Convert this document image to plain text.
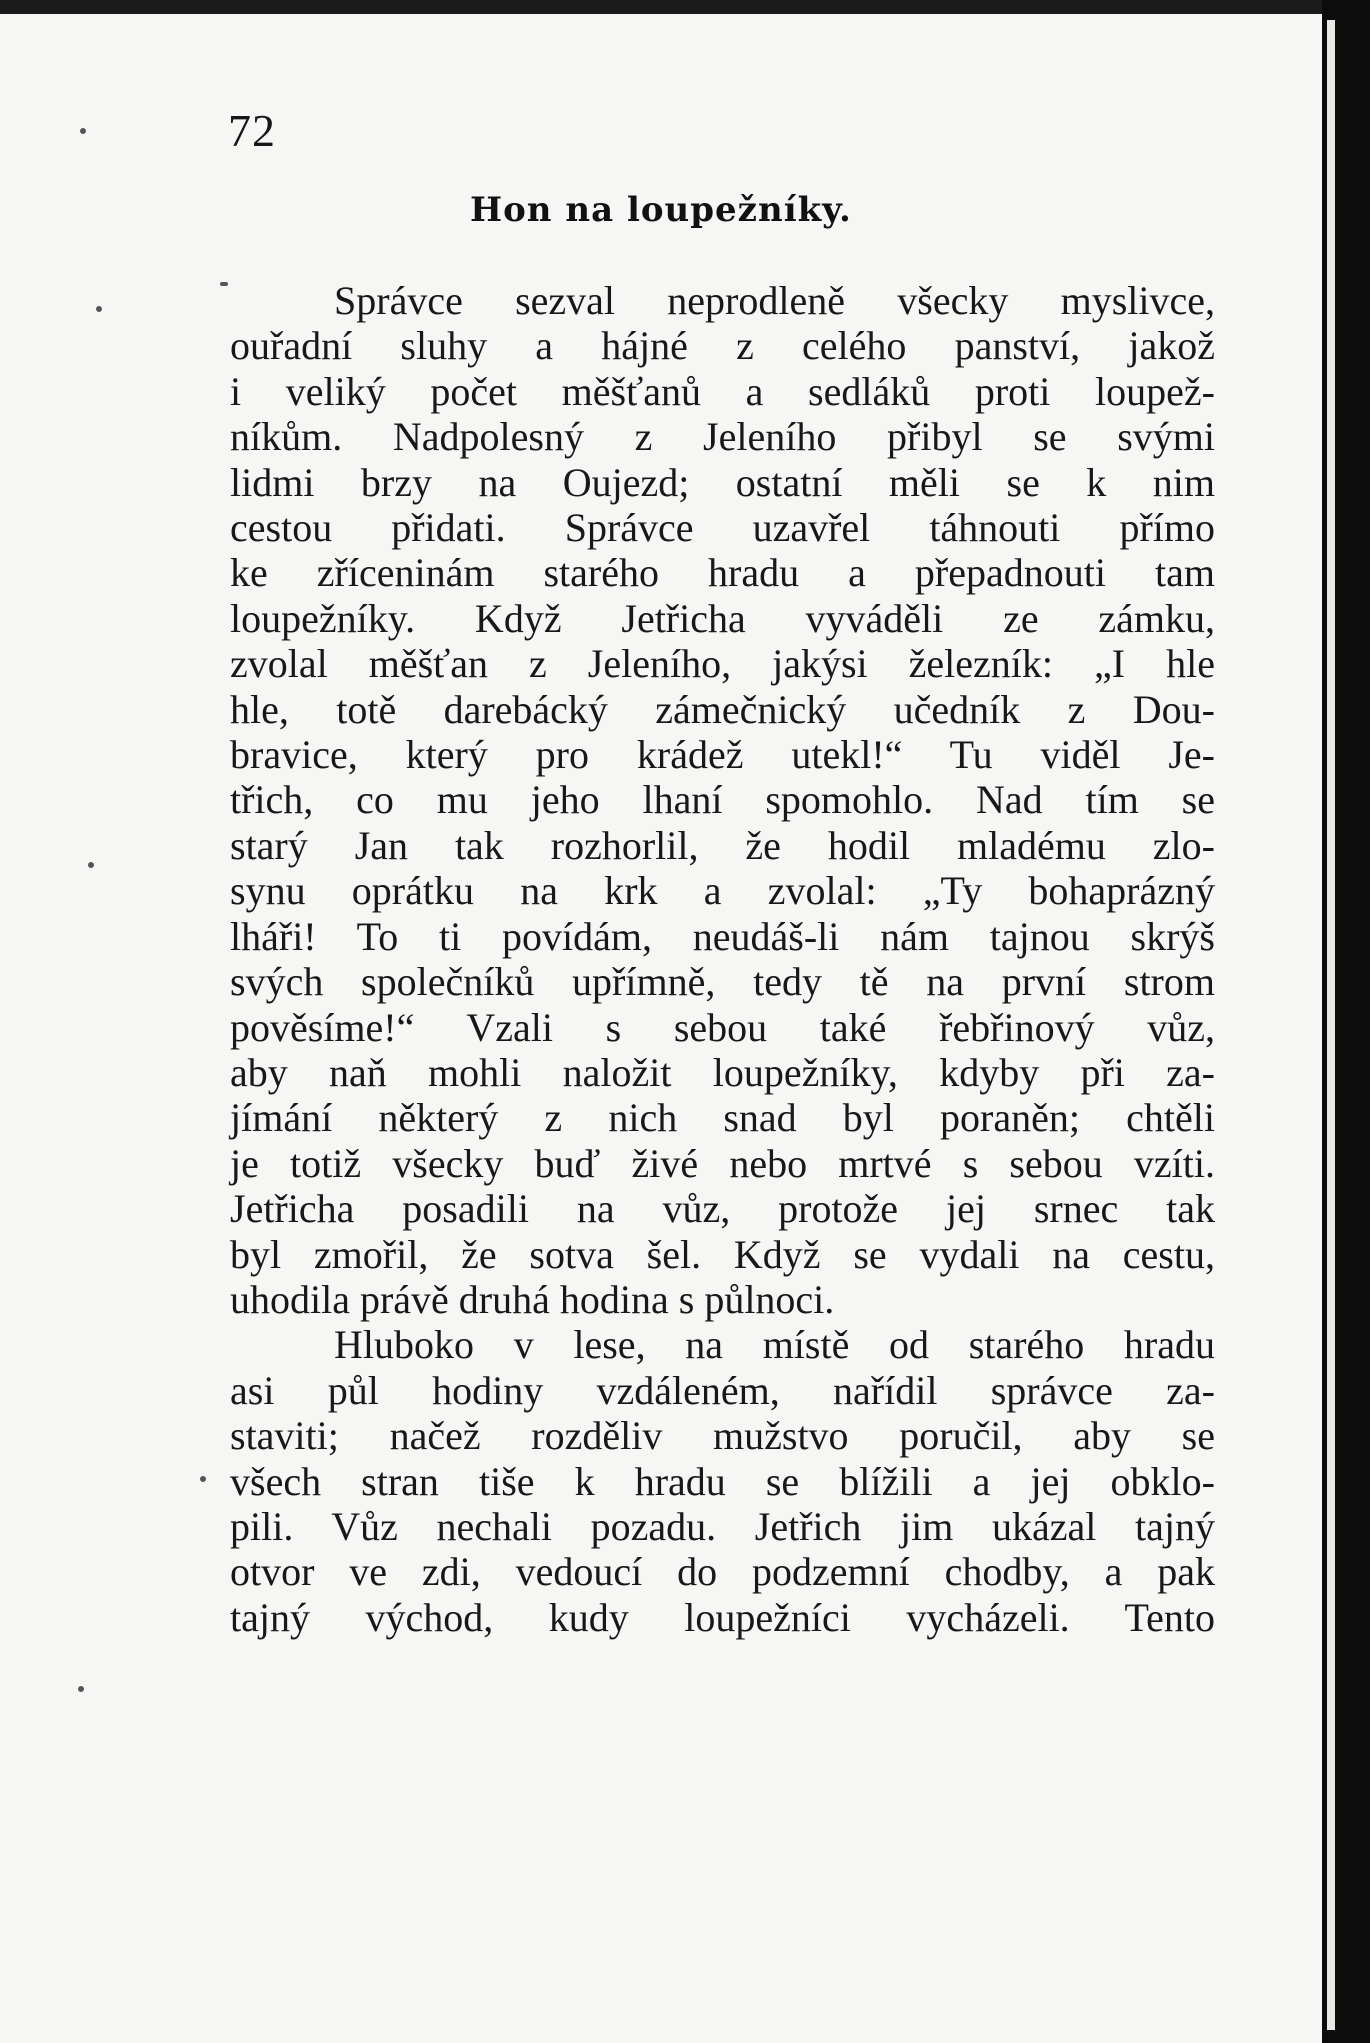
72
Hon na loupežníky.
Správce sezval neprodleně všecky myslivce,
ouřadní sluhy a hájné z celého panství, jakož
i veliký počet měšťanů a sedláků proti loupež-
níkům. Nadpolesný z Jeleního přibyl se svými
lidmi brzy na Oujezd; ostatní měli se k nim
cestou přidati. Správce uzavřel táhnouti přímo
ke zříceninám starého hradu a přepadnouti tam
loupežníky. Když Jetřicha vyváděli ze zámku,
zvolal měšťan z Jeleního, jakýsi železník: „I hle
hle, totě darebácký zámečnický učedník z Dou-
bravice, který pro krádež utekl!“ Tu viděl Je-
třich, co mu jeho lhaní spomohlo. Nad tím se
starý Jan tak rozhorlil, že hodil mladému zlo-
synu oprátku na krk a zvolal: „Ty bohaprázný
lháři! To ti povídám, neudáš-li nám tajnou skrýš
svých společníků upřímně, tedy tě na první strom
pověsíme!“ Vzali s sebou také řebřinový vůz,
aby naň mohli naložit loupežníky, kdyby při za-
jímání některý z nich snad byl poraněn; chtěli
je totiž všecky buď živé nebo mrtvé s sebou vzíti.
Jetřicha posadili na vůz, protože jej srnec tak
byl zmořil, že sotva šel. Když se vydali na cestu,
uhodila právě druhá hodina s půlnoci.
Hluboko v lese, na místě od starého hradu
asi půl hodiny vzdáleném, nařídil správce za-
staviti; načež rozděliv mužstvo poručil, aby se
všech stran tiše k hradu se blížili a jej obklo-
pili. Vůz nechali pozadu. Jetřich jim ukázal tajný
otvor ve zdi, vedoucí do podzemní chodby, a pak
tajný východ, kudy loupežníci vycházeli. Tento
